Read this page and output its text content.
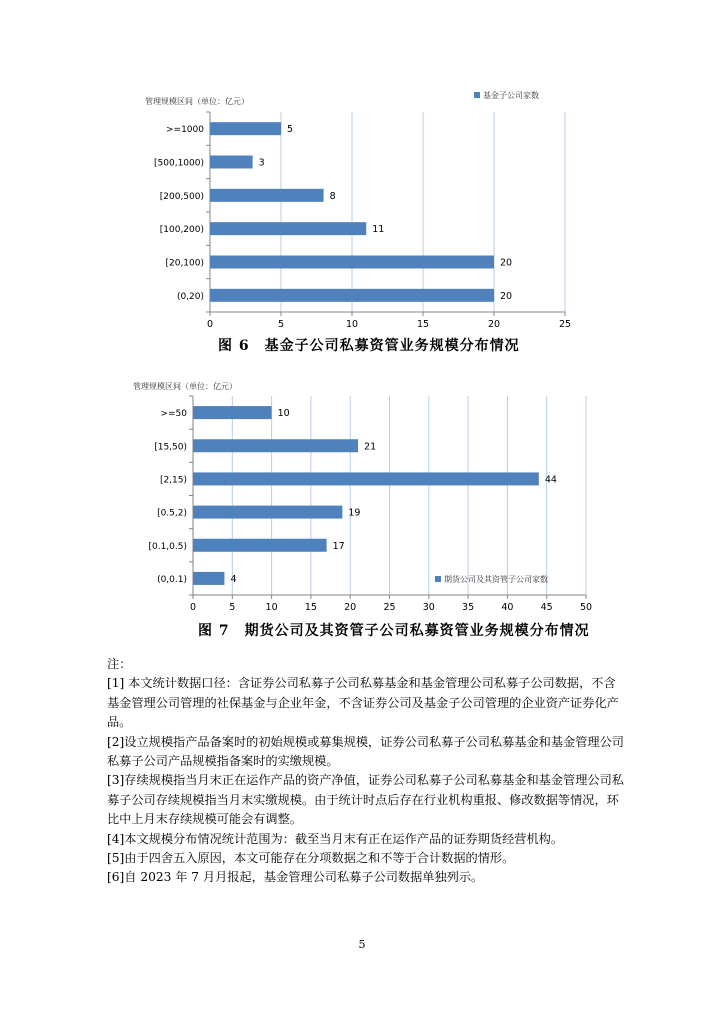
0	5	10	15	20	25
>=1000	5
[500,1000)	3
[200,500)	8
[100,200)	11
[20,100)	20
(0,20)	20
管理规模区间（单位：亿元）
基金子公司家数
0	5	10	15	20	25	30	35	40	45	50
>=50	10
[15,50)	21
[2,15)	44
[0.5,2)	19
[0.1,0.5)	17
(0,0.1)	4
管理规模区间（单位：亿元）
期货公司及其资管子公司家数
图 6　基金子公司私募资管业务规模分布情况
图 7　期货公司及其资管子公司私募资管业务规模分布情况

注：

[1] 本文统计数据口径：含证券公司私募子公司私募基金和基金管理公司私募子公司数据，不含基金管理公司管理的社保基金与企业年金，不含证券公司及基金子公司管理的企业资产证券化产品。

[2]设立规模指产品备案时的初始规模或募集规模，证券公司私募子公司私募基金和基金管理公司私募子公司产品规模指备案时的实缴规模。

[3]存续规模指当月末正在运作产品的资产净值，证券公司私募子公司私募基金和基金管理公司私募子公司存续规模指当月末实缴规模。由于统计时点后存在行业机构重报、修改数据等情况，环比中上月末存续规模可能会有调整。

[4]本文规模分布情况统计范围为：截至当月末有正在运作产品的证券期货经营机构。

[5]由于四舍五入原因，本文可能存在分项数据之和不等于合计数据的情形。

[6]自 2023 年 7 月月报起，基金管理公司私募子公司数据单独列示。

5
